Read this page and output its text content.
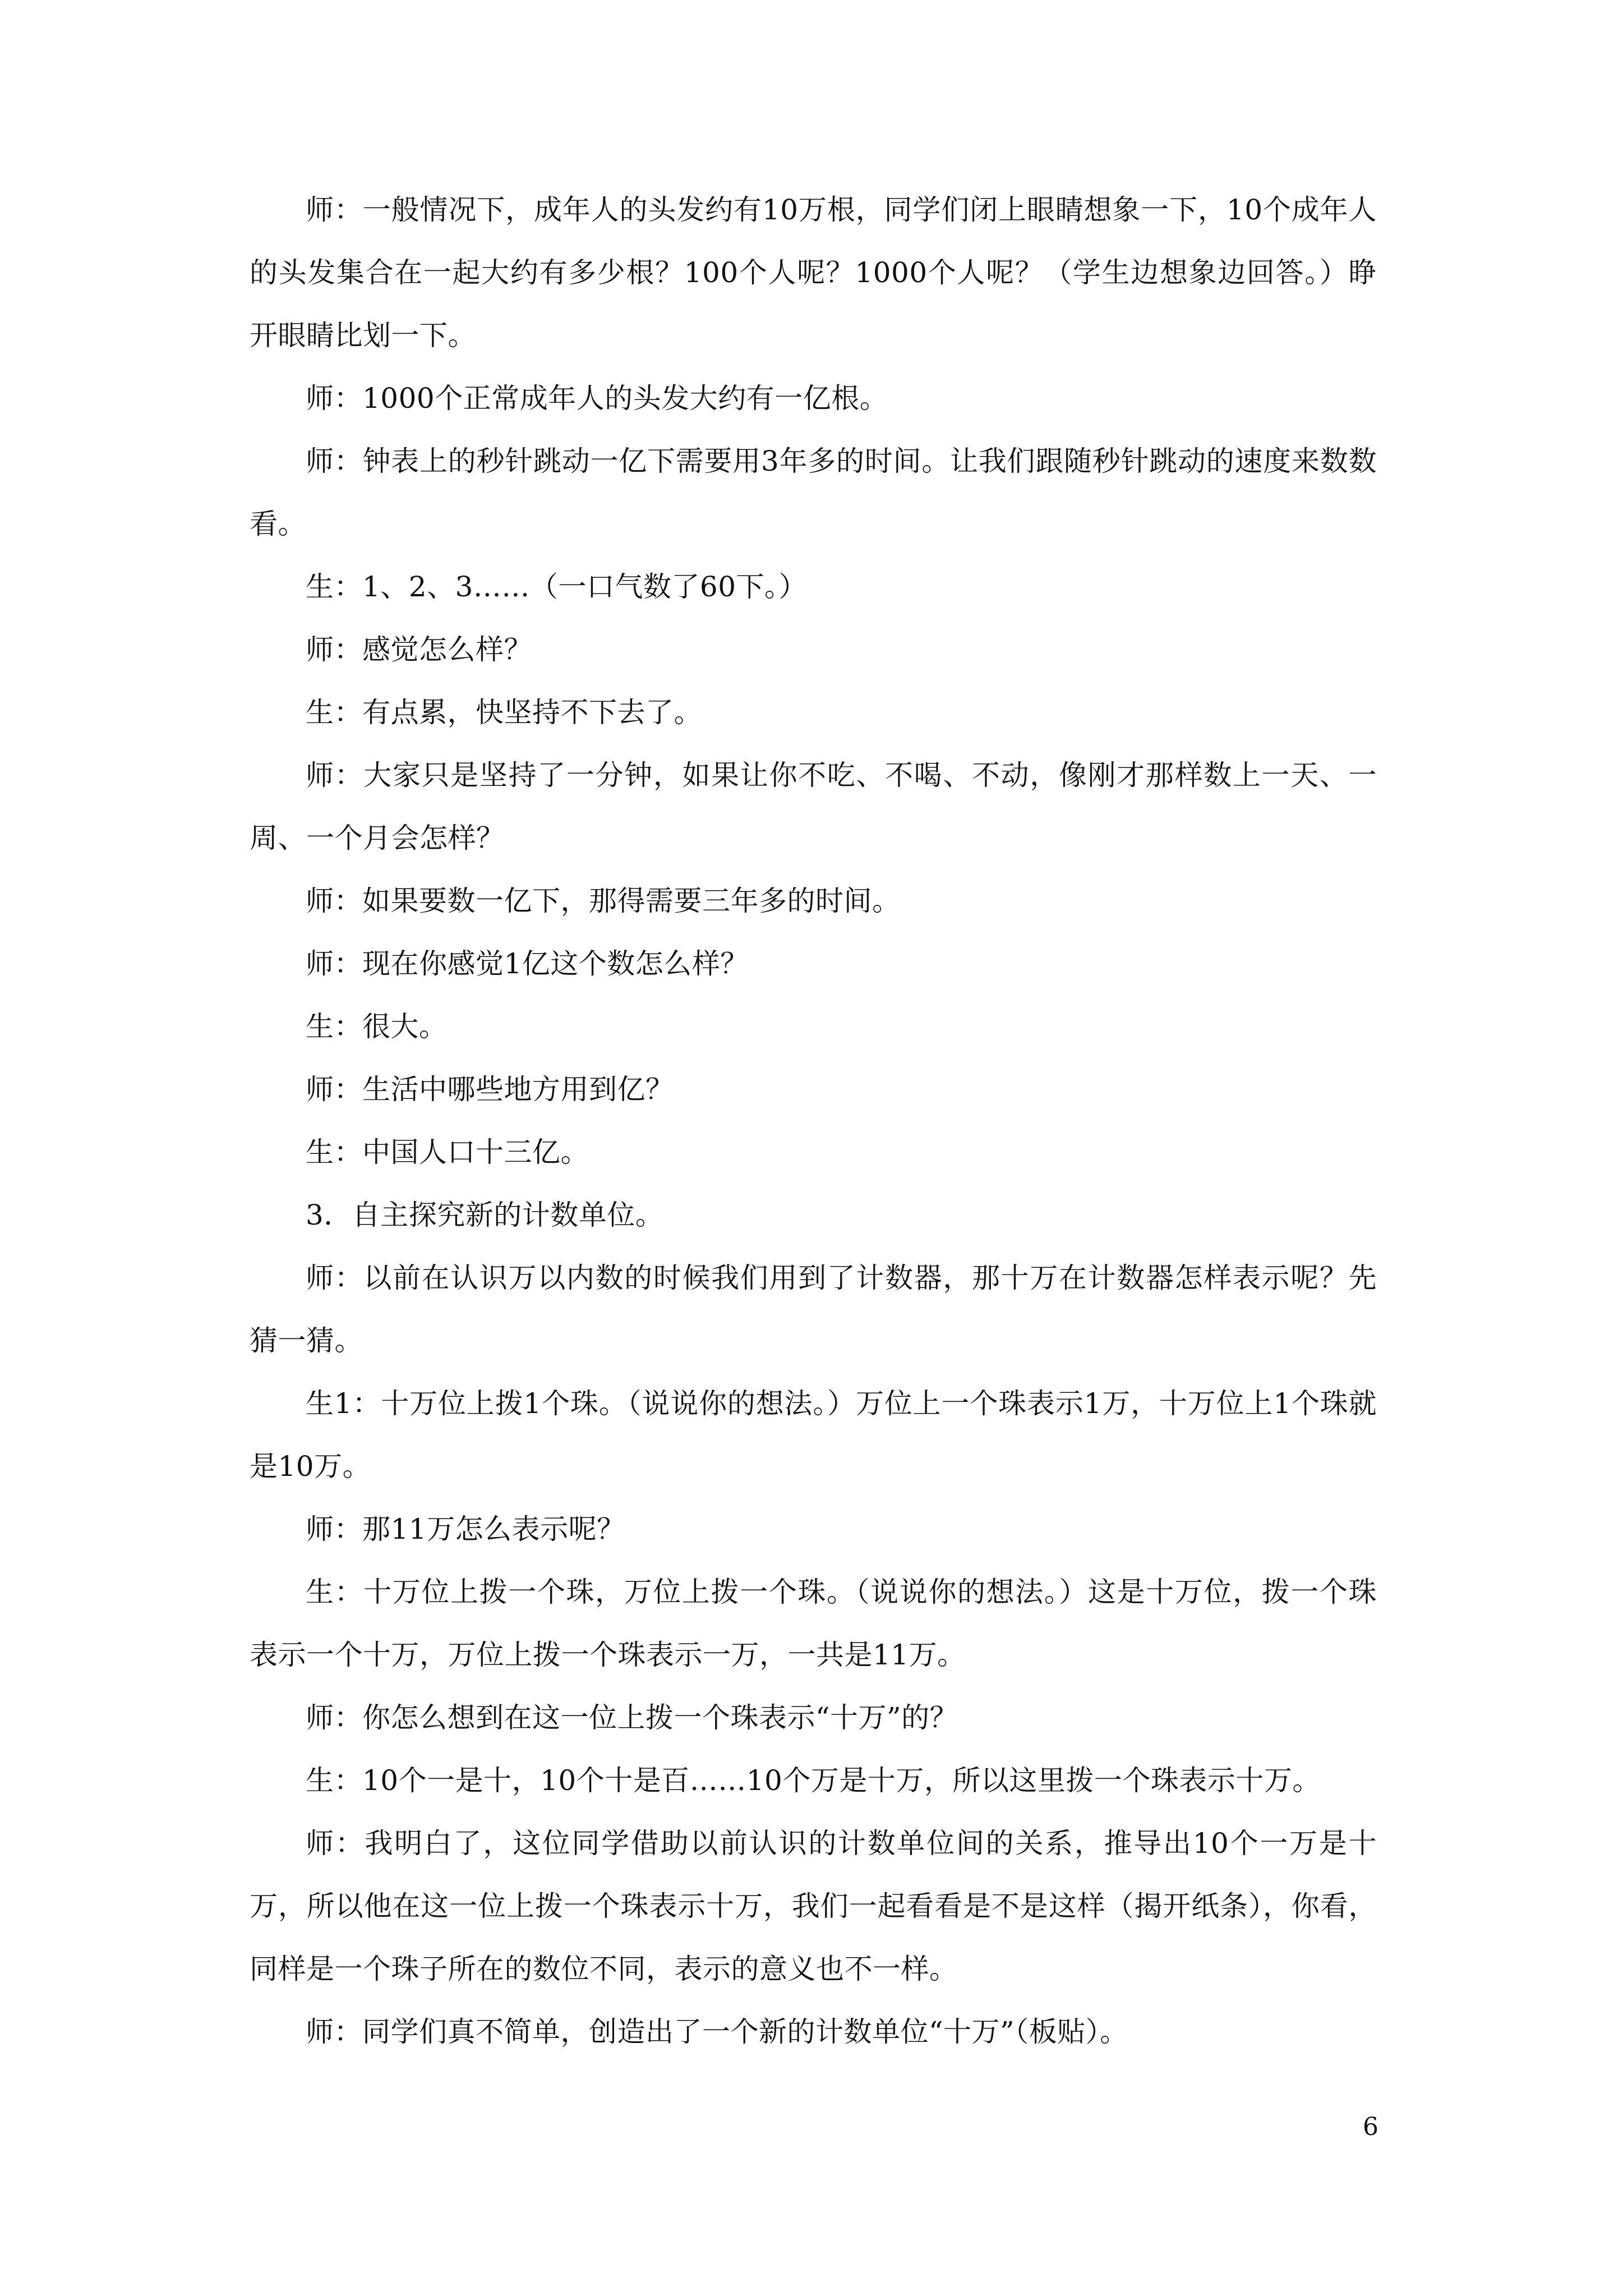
师：一般情况下，成年人的头发约有10万根，同学们闭上眼睛想象一下，10个成年人的头发集合在一起大约有多少根？100个人呢？1000个人呢？（学生边想象边回答。）睁开眼睛比划一下。

师：1000个正常成年人的头发大约有一亿根。

师：钟表上的秒针跳动一亿下需要用3年多的时间。让我们跟随秒针跳动的速度来数数看。

生：1、2、3……（一口气数了60下。）

师：感觉怎么样？

生：有点累，快坚持不下去了。

师：大家只是坚持了一分钟，如果让你不吃、不喝、不动，像刚才那样数上一天、一周、一个月会怎样？

师：如果要数一亿下，那得需要三年多的时间。

师：现在你感觉1亿这个数怎么样？

生：很大。

师：生活中哪些地方用到亿？

生：中国人口十三亿。

3．自主探究新的计数单位。

师：以前在认识万以内数的时候我们用到了计数器，那十万在计数器怎样表示呢？先猜一猜。

生1：十万位上拨1个珠。（说说你的想法。）万位上一个珠表示1万，十万位上1个珠就是10万。

师：那11万怎么表示呢？

生：十万位上拨一个珠，万位上拨一个珠。（说说你的想法。）这是十万位，拨一个珠表示一个十万，万位上拨一个珠表示一万，一共是11万。

师：你怎么想到在这一位上拨一个珠表示“十万”的？

生：10个一是十，10个十是百……10个万是十万，所以这里拨一个珠表示十万。

师：我明白了，这位同学借助以前认识的计数单位间的关系，推导出10个一万是十万，所以他在这一位上拨一个珠表示十万，我们一起看看是不是这样（揭开纸条），你看，同样是一个珠子所在的数位不同，表示的意义也不一样。

师：同学们真不简单，创造出了一个新的计数单位“十万”（板贴）。

6
